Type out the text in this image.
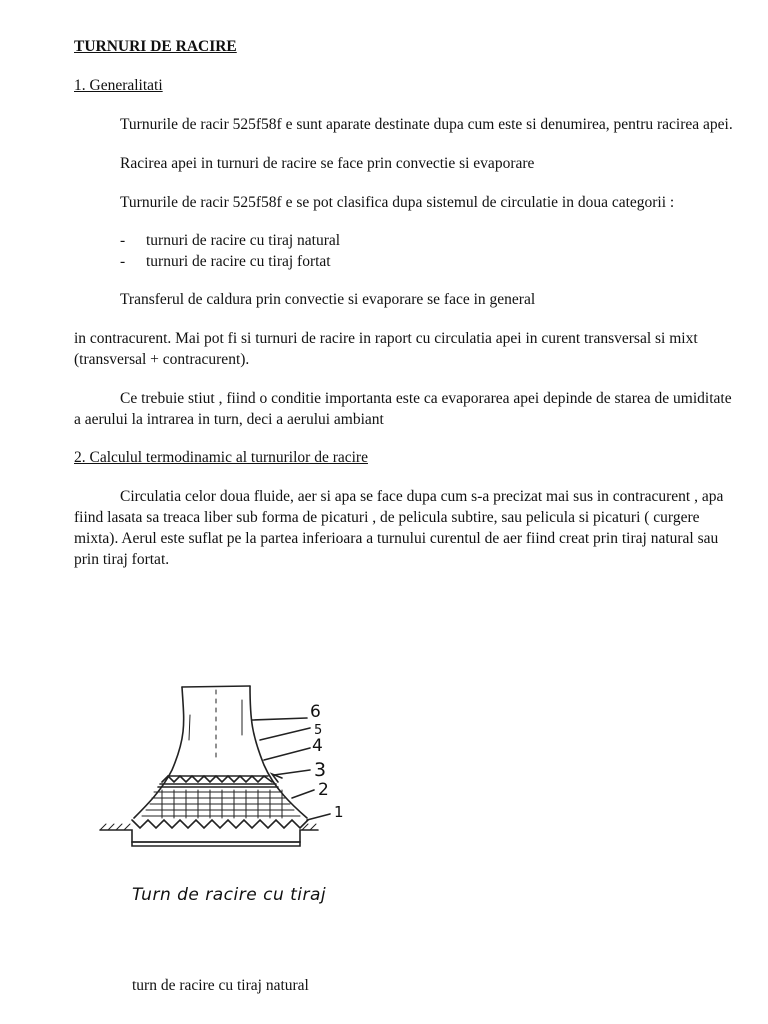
TURNURI DE RACIRE

1. Generalitati

Turnurile de racir 525f58f e sunt aparate destinate dupa cum este si denumirea, pentru racirea apei.

Racirea apei in turnuri de racire se face prin convectie si evaporare

Turnurile de racir 525f58f e se pot clasifica dupa sistemul de circulatie in doua categorii :

- turnuri de racire cu tiraj natural
- turnuri de racire cu tiraj fortat

Transferul de caldura prin convectie si evaporare se face in general

in contracurent. Mai pot fi si turnuri de racire in raport cu circulatia apei in curent transversal si mixt (transversal + contracurent).

Ce trebuie stiut , fiind o conditie importanta este ca evaporarea apei depinde de starea de umiditate a aerului la intrarea in turn, deci a aerului ambiant

2. Calculul termodinamic al turnurilor de racire

Circulatia celor doua fluide, aer si apa se face dupa cum s-a precizat mai sus in contracurent , apa fiind lasata sa treaca liber sub forma de picaturi , de pelicula subtire, sau pelicula si picaturi ( curgere mixta). Aerul este suflat pe la partea inferioara a turnului curentul de aer fiind creat prin tiraj natural sau prin tiraj fortat.

6
5
4
3
2
1
Turn de racire cu tiraj

turn de racire cu tiraj natural
